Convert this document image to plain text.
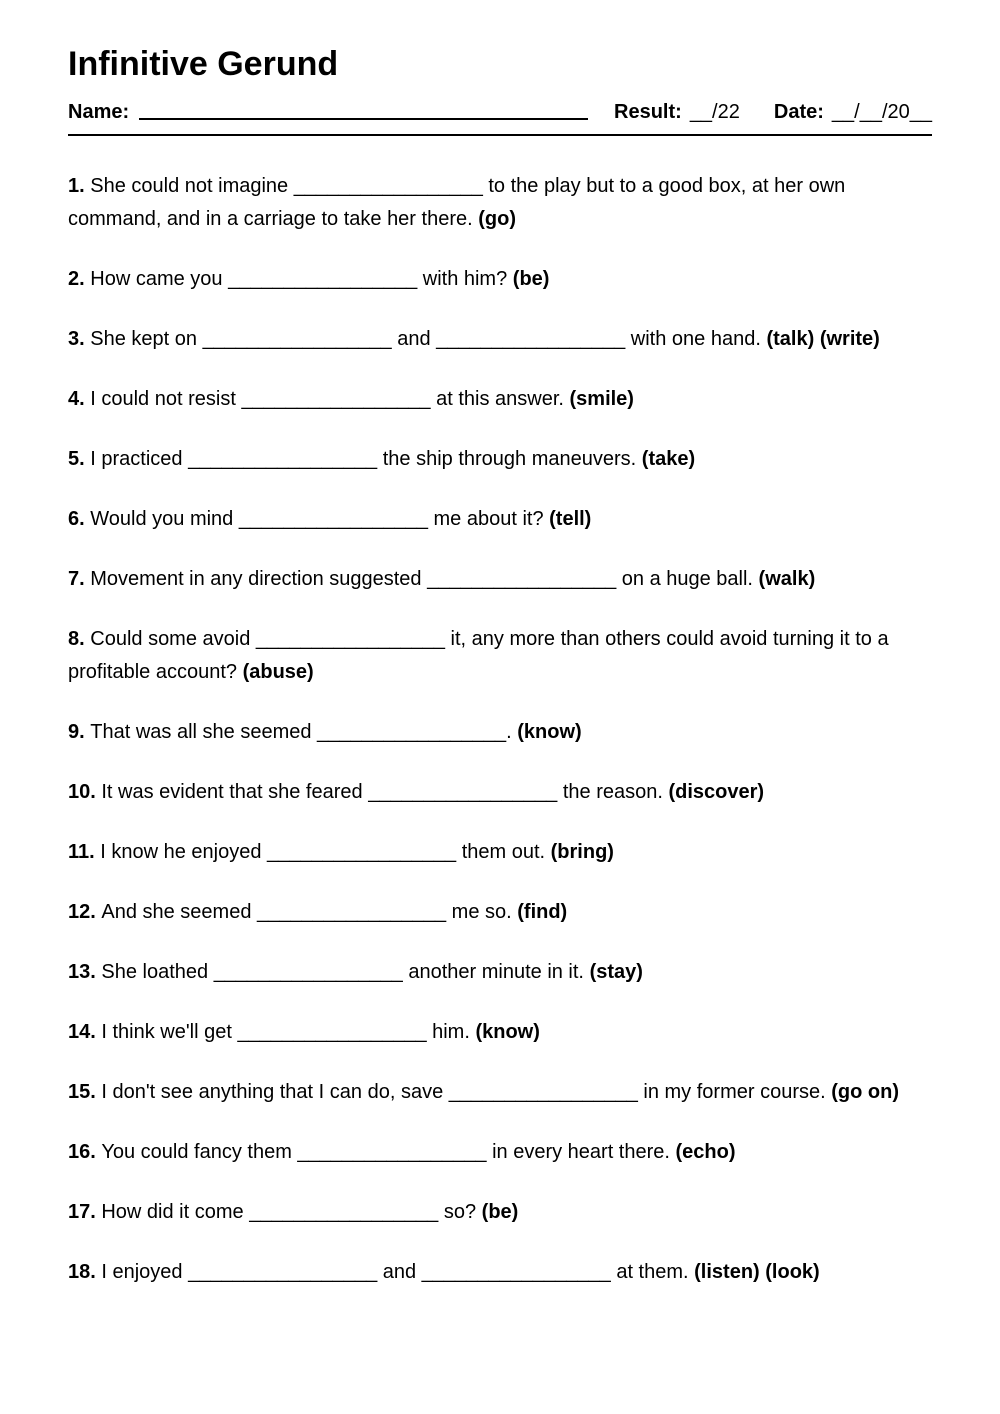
Infinitive Gerund
Name:	Result: __/22 Date: __/__/20__

1. She could not imagine _________________ to the play but to a good box, at her own command, and in a carriage to take her there. (go)

2. How came you _________________ with him? (be)

3. She kept on _________________ and _________________ with one hand. (talk) (write)

4. I could not resist _________________ at this answer. (smile)

5. I practiced _________________ the ship through maneuvers. (take)

6. Would you mind _________________ me about it? (tell)

7. Movement in any direction suggested _________________ on a huge ball. (walk)

8. Could some avoid _________________ it, any more than others could avoid turning it to a profitable account? (abuse)

9. That was all she seemed _________________. (know)

10. It was evident that she feared _________________ the reason. (discover)

11. I know he enjoyed _________________ them out. (bring)

12. And she seemed _________________ me so. (find)

13. She loathed _________________ another minute in it. (stay)

14. I think we'll get _________________ him. (know)

15. I don't see anything that I can do, save _________________ in my former course. (go on)

16. You could fancy them _________________ in every heart there. (echo)

17. How did it come _________________ so? (be)

18. I enjoyed _________________ and _________________ at them. (listen) (look)
